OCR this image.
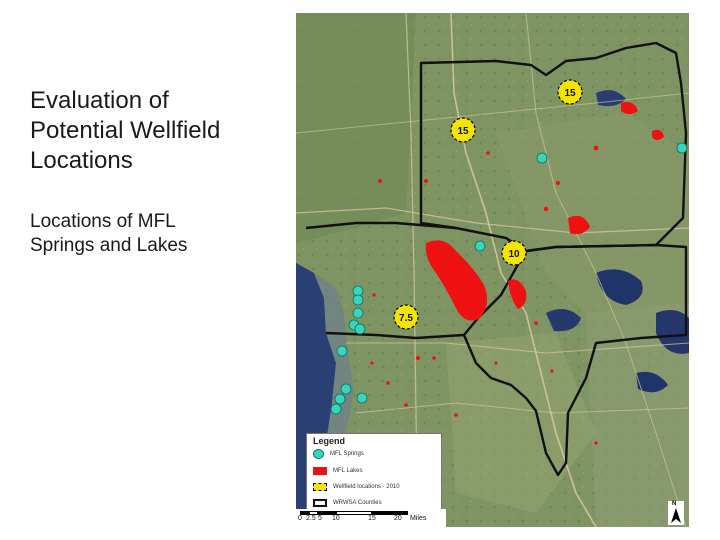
Evaluation of
Potential Wellfield
Locations
Locations of MFL
Springs and Lakes
15
15
10
7.5
Legend
MFL Springs
MFL Lakes
Wellfield locations - 2010
WRWSA Counties
0 2.5 5 10	15	20 Miles
N
